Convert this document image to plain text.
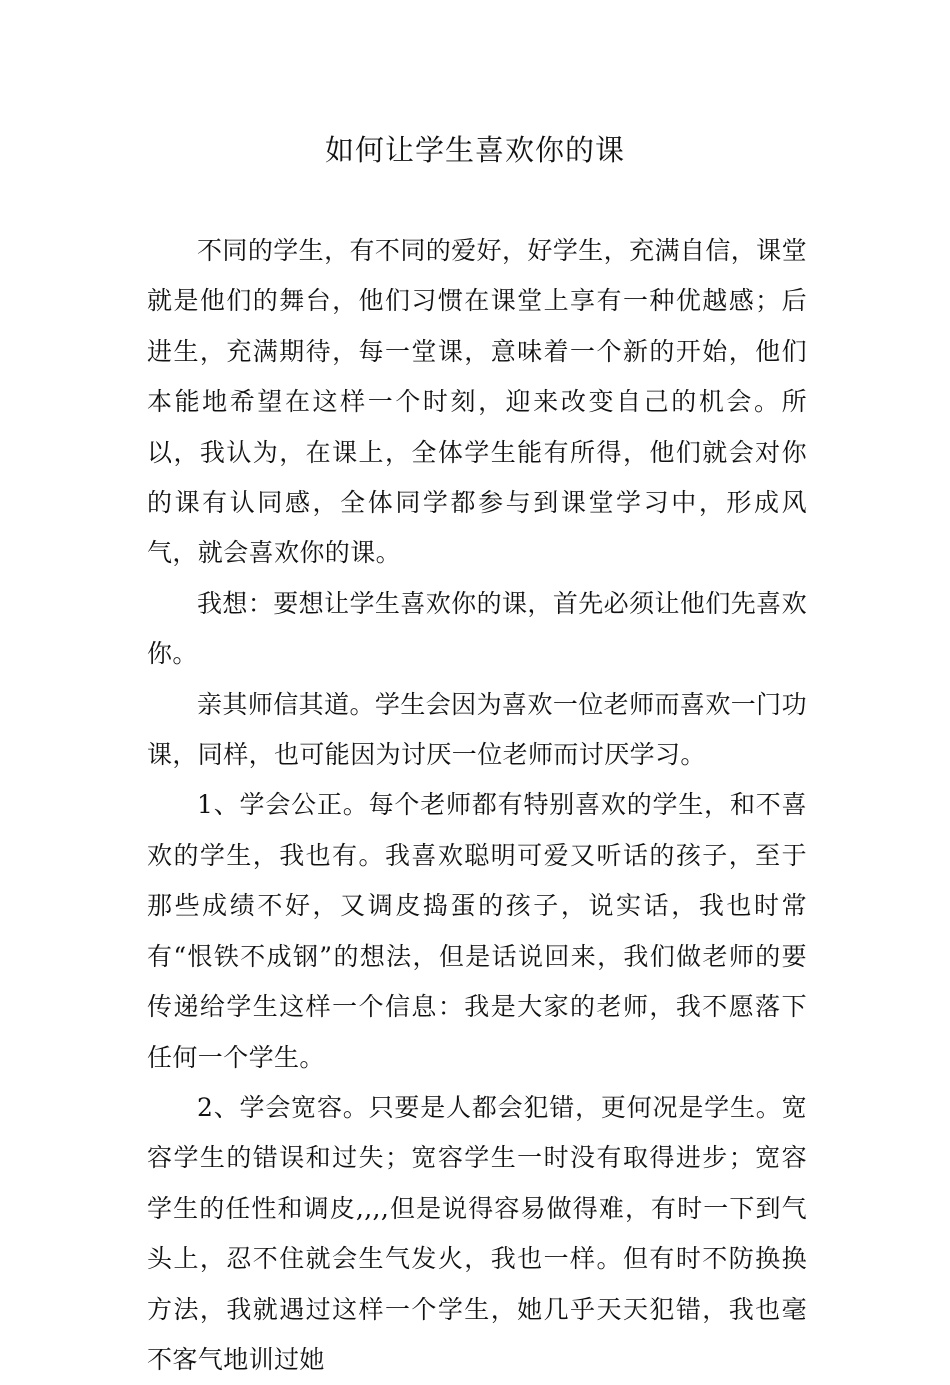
如何让学生喜欢你的课

不同的学生，有不同的爱好，好学生，充满自信，课堂就是他们的舞台，他们习惯在课堂上享有一种优越感；后进生，充满期待，每一堂课，意味着一个新的开始，他们本能地希望在这样一个时刻，迎来改变自己的机会。所以，我认为，在课上，全体学生能有所得，他们就会对你的课有认同感，全体同学都参与到课堂学习中，形成风气，就会喜欢你的课。

我想：要想让学生喜欢你的课，首先必须让他们先喜欢你。

亲其师信其道。学生会因为喜欢一位老师而喜欢一门功课，同样，也可能因为讨厌一位老师而讨厌学习。

1、学会公正。每个老师都有特别喜欢的学生，和不喜欢的学生，我也有。我喜欢聪明可爱又听话的孩子，至于那些成绩不好，又调皮捣蛋的孩子，说实话，我也时常有“恨铁不成钢”的想法，但是话说回来，我们做老师的要传递给学生这样一个信息：我是大家的老师，我不愿落下任何一个学生。

2、学会宽容。只要是人都会犯错，更何况是学生。宽容学生的错误和过失；宽容学生一时没有取得进步；宽容学生的任性和调皮,,,,但是说得容易做得难，有时一下到气头上，忍不住就会生气发火，我也一样。但有时不防换换方法，我就遇过这样一个学生，她几乎天天犯错，我也毫不客气地训过她
